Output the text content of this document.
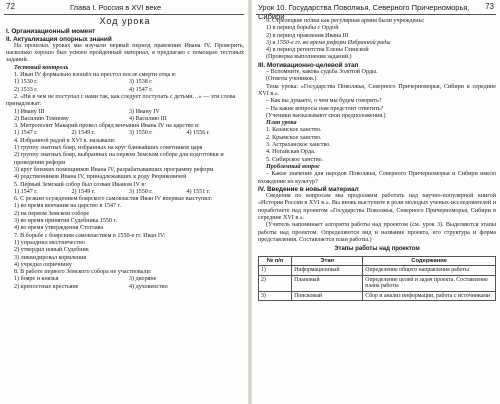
72	Глава I. Россия в XVI веке
Ход урока
I. Организационный момент
II. Актуализация опорных знаний
На прошлых уроках мы изучали первый период правления Ивана IV. Проверить, насколько хорошо был усвоен пройденный материал, я предлагаю с помощью тестовых заданий.
Тестовый контроль
1. Иван IV формально взошёл на престол после смерти отца в:
1) 1530 г.	3) 1538 г.
2) 1533 г.	4) 1547 г.
2. «Ни в чем не поступал с нами так, как следует поступать с детьми…» — эти слова принадлежат:
1) Ивану III	3) Ивану IV
2) Василию Темному	4) Василию III
3. Митрополит Макарий провел обряд венчания Ивана IV на царство в:
1) 1547 г.	2) 1549 г.	3) 1550 г.	4) 1556 г.
4. Избранной радой в XVI в. называли:
1) группу знатных бояр, избранных на круг ближайших советников царя
2) группу знатных бояр, выбранных на первом Земском соборе для подготовки и проведения реформ
3) круг близких помощников Ивана IV, разрабатывавших программу реформ
4) родственников Ивана IV, принадлежавших к роду Рюриковичей
5. Первый Земский собор был созван Иваном IV в:
1) 1547 г.	2) 1549 г.	3) 1550 г.	4) 1551 г.
6. С резким осуждением боярского самовластия Иван IV впервые выступил:
1) во время венчания на царство в 1547 г.
2) на первом Земском соборе
3) во время принятия Судебника 1550 г.
4) во время утверждения Стоглава
7. В борьбе с боярским самовластием в 1550-е гг. Иван IV:
1) упразднил местничество
2) утвердил новый Судебник
3) ликвидировал кормления
4) учредил опричнину
8. В работе первого Земского собора не участвовали:
1) бояре и князья	3) дворяне
2) крепостные крестьяне	4) духовенство
Урок 10. Государства Поволжья, Северного Причерноморья, Сибири
73
9. Стрелецкие полки как регулярная армия были учреждены:
1) в период борьбы с Ордой
2) в период правления Ивана III
3) в 1550-е гг. во время реформ Избранной рады
4) в период регентства Елены Глинской
(Проверка выполнения заданий.)
III. Мотивационно-целевой этап
– Вспомните, какова судьба Золотой Орды.
(Ответы учеников.)
Тема урока: «Государства Поволжья, Северного Причерноморья, Сибири в середине XVI в.».
– Как вы думаете, о чем мы будем говорить?
– На какие вопросы нам предстоит ответить?
(Ученики высказывают свои предположения.)
План урока
1. Казанское ханство.
2. Крымское ханство.
3. Астраханское ханство.
4. Ногайская Орда.
5. Сибирское ханство.
Проблемный вопрос
– Какое значение для народов Поволжья, Северного Причерноморья и Сибири имело вхождение их культур?
IV. Введение в новый материал
Сведения по вопросам мы продолжим работать над научно-популярной книгой «История России в XVI в.». Вы вновь выступите в роли молодых ученых-исследователей и поработаете над проектом «Государства Поволжья, Северного Причерноморья, Сибири в середине XVI в.».
(Учитель напоминает алгоритм работы над проектом (см. урок 3). Выделяются этапы работы над проектом. Определяются вид и название проекта, его структура и форма представления. Составляется план работы.)
Этапы работы над проектом
№ п/п	Этап	Содержание
1)	Информационный	Определение общего направления работы
2)	Плановый	Определение целей и задач проекта. Составление плана работы
3)	Поисковый	Сбор и анализ информации, работа с источниками
